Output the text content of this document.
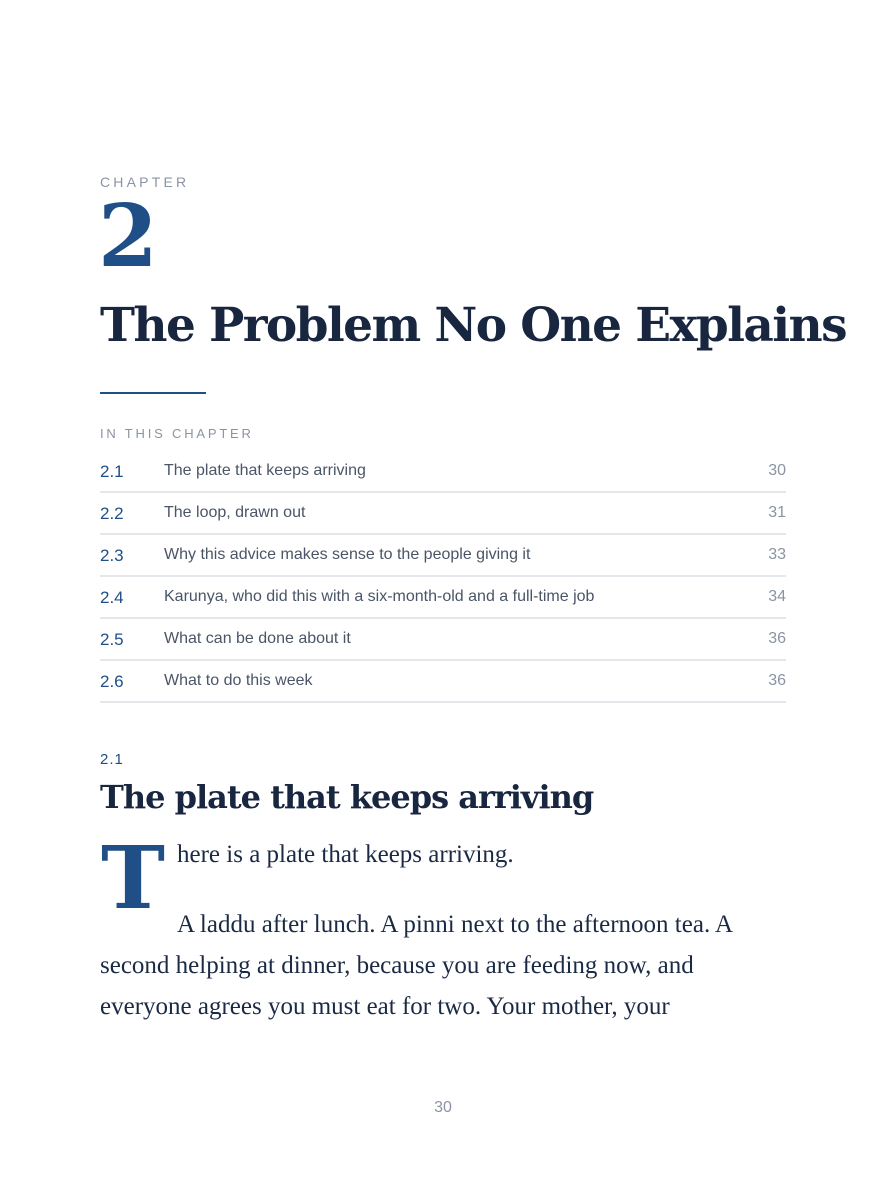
CHAPTER
2
The Problem No One Explains
IN THIS CHAPTER
2.1	The plate that keeps arriving	30
2.2	The loop, drawn out	31
2.3	Why this advice makes sense to the people giving it	33
2.4	Karunya, who did this with a six-month-old and a full-time job	34
2.5	What can be done about it	36
2.6	What to do this week	36
2.1
The plate that keeps arriving
T here is a plate that keeps arriving.

A laddu after lunch. A pinni next to the afternoon tea. A second helping at dinner, because you are feeding now, and everyone agrees you must eat for two. Your mother, your

30
